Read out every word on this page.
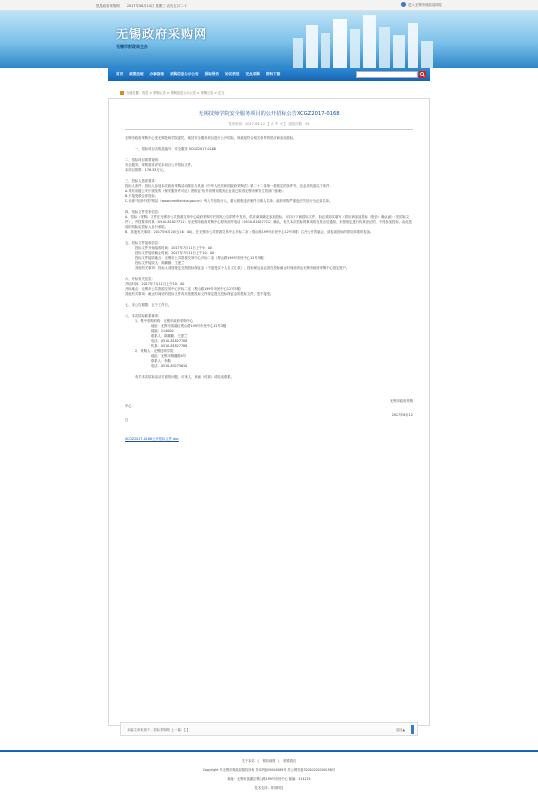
您是政府采购网 2017年06月14日 星期三 农历五月二十	进入无锡市财政局网站
无锡政府采购网
无锡市财政局主办
首页 政策法规 办事指南 采购信息公示公告 招标预告 协议供货 定点采购 资料下载
当前位置：首页 > 采购公告 > 采购信息公示公告 > 采购公告 > 正文
无锡技师学院安全服务项目的公开招标公告XCGZ2017-0168
发布时间：2017-06-12 【 大 中 小 】 浏览次数：91

无锡市政府采购中心受无锡技师学院委托，就其安全服务项目进行公开招标，现欢迎符合相关条件的供应商参加投标。

一、招标项目名称及编号：安全服务 XCGZ2017-0168

二、招标项目简要说明：

安全服务，采购需求详见本项目公开招标文件。

本项目预算：176.35万元。

三、投标人资质要求：

投标人条件：投标人参加本次政府采购活动除应当具备《中华人民共和国政府采购法》第二十二条第一款规定的条件外，还必须具备以下条件：

A.具有省级公安厅颁发的《保安服务许可证》资格证书(外省保安服务企业须已取得无锡市保安主管部门备案)；

B.不接受联合体投标；

C.未被“信用中国”网站（www.creditchina.gov.cn）列入失信执行人、重大税收违法案件当事人名单、政府采购严重违法失信行为记录名单。

四、招标文件发布信息：

A、招标（采购）文件在无锡市公共资源交易中心政府采购专栏网站公告附件中发布，供应商须确定参加投标，可自行下载招标文件，但必须如实填写《供应商参加投标（报价）确认函》（见招标文件），并按要求传真（0510-81827711）至无锡市政府采购中心财务部并电话（0510-81827711）确认，有关本次招标的事项将在发出后通知，未按规定进行传真登记的，不得参加投标，由此造成的风险由投标人自行承担。

B、其他有关事项：2017年6月20日(16：00)，在无锡市公共资源交易中心开标二室（观山路199号市民中心12号3楼）召开公开答疑会，请参加投标的供应商准时参加。

五、投标文件接收信息：

投标文件开始接收时间：2017年7月11日上午9：00

投标文件接收截止时间：2017年7月11日上午10：00

投标文件接收地点：无锡市公共资源交易中心开标二室（观山路199号市民中心12号3楼）

投标文件接收人：陈鹏勤、王建兰

其他有关事项：投标人须按规定交纳投标保证金（不接受以个人名义汇款），投标保证金必须在投标截止时间前到达无锡市政府采购中心指定账户。

六、开标有关信息：

开标时间：2017年7月11日上午10：00

开标地点：无锡市公共资源交易中心开标二室（观山路199号市民中心12号3楼）

其他有关事项：截止时间后的投标文件或未按照投标文件规定提交投标保证金的投标文件，恕不接受。

七、本公告期限：五个工作日。

八、本次招标联系事项：

1、集中采购机构：无锡市政府采购中心

地址：无锡市滨湖区观山路199号市民中心12号3楼

邮编：214000

联系人：陈鹏勤、王建兰

电话：0510-81827708

传真：0510-81827788

2、采购人：无锡技师学院

地址：无锡市锡藕路4号

联系人：李勤

电话：0510-83275610

有关本次招标活动方面的问题，可来人、来函（传真）或电话联系。

无锡市政府采购
中心
2017年6月12
日
XCGZ2017-0168公开招标文件.doc
本篇文章来源于：招标采购网 上一篇：【 】	返回▲
关于本站 | 网站地图 | 联系我们
Copyright ©无锡市财政局版权所有 苏ICP备05004569号 苏公网安备32020202000158号
地址：无锡市滨湖区观山路199号市民中心 邮编：214125
技术支持：易得科技
